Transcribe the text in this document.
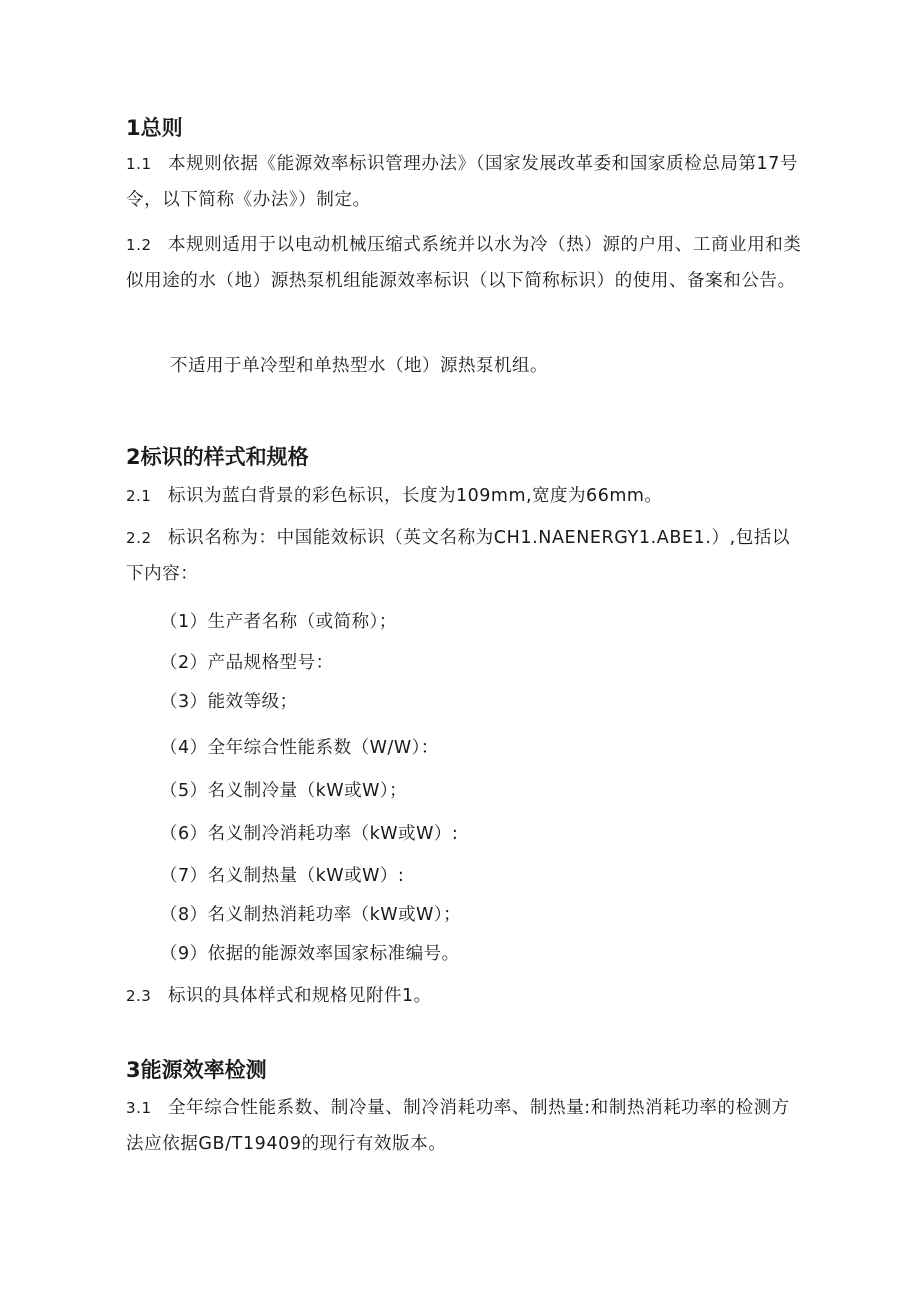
1总则
1.1 本规则依据《能源效率标识管理办法》（国家发展改革委和国家质检总局第17号令，以下简称《办法》）制定。
1.2 本规则适用于以电动机械压缩式系统并以水为冷（热）源的户用、工商业用和类似用途的水（地）源热泵机组能源效率标识（以下简称标识）的使用、备案和公告。
不适用于单冷型和单热型水（地）源热泵机组。
2标识的样式和规格
2.1 标识为蓝白背景的彩色标识，长度为109mm,宽度为66mm。
2.2 标识名称为：中国能效标识（英文名称为CH1.NAENERGY1.ABE1.）,包括以下内容：
（1）生产者名称（或简称）；
（2）产品规格型号：
（3）能效等级；
（4）全年综合性能系数（W/W）：
（5）名义制冷量（kW或W）；
（6）名义制冷消耗功率（kW或W）:
（7）名义制热量（kW或W）:
（8）名义制热消耗功率（kW或W）；
（9）依据的能源效率国家标准编号。
2.3 标识的具体样式和规格见附件1。
3能源效率检测
3.1 全年综合性能系数、制冷量、制冷消耗功率、制热量:和制热消耗功率的检测方法应依据GB/T19409的现行有效版本。
